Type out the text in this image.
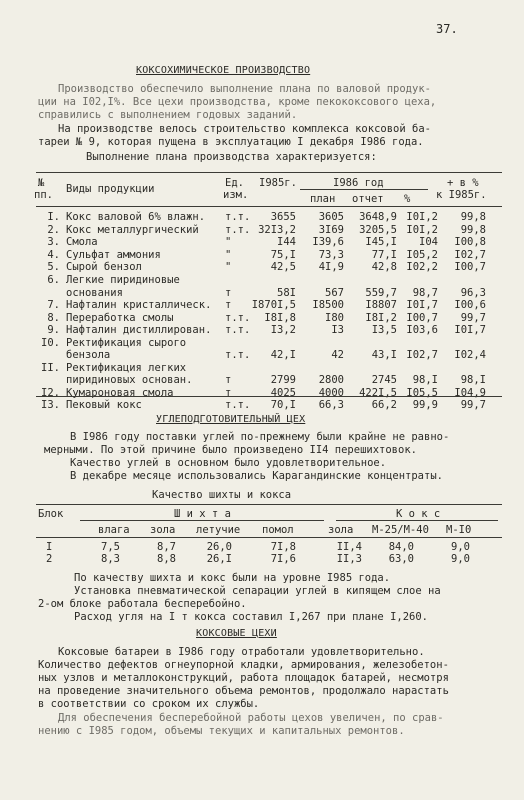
37.
КОКСОХИМИЧЕСКОЕ ПРОИЗВОДСТВО
Производство обеспечило выполнение плана по валовой продук-
ции на I02,I%. Все цехи производства, кроме пекококсового цеха,
справились с выполнением годовых заданий.
На производстве велось строительство комплекса коксовой ба-
тареи № 9, которая пущена в эксплуатацию I декабря I986 года.
Выполнение плана производства характеризуется:
№
пп. Виды продукции	Ед.
изм.
I985г.	I986 год
план отчет %
+ в %
к I985г.
I. Кокс валовой 6% влажн. т.т. 3655 3605 3648,9 I0I,2 99,8
2. Кокс металлургический т.т. 32I3,2 3I69 3205,5 I0I,2 99,8
3. Смола	"	I44 I39,6 I45,I I04 I00,8
4. Сульфат аммония	"	75,I 73,3	77,I I05,2 I02,7
5. Сырой бензол	"	42,5 4I,9	42,8 I02,2 I00,7
6. Легкие пиридиновые
т	58I	567 559,7 98,7 96,3
основания
7. Нафталин кристаллическ. т I870I,5 I8500 I8807 I0I,7 I00,6
8. Переработка смолы	т.т. I8I,8	I80 I8I,2 I00,7 99,7
9. Нафталин дистиллирован. т.т. I3,2	I3	I3,5 I03,6 I0I,7
I0. Ректификация сырого
т.т. 42,I	42	43,I I02,7 I02,4
бензола
II. Ректификация легких
т	2799 2800	2745 98,I 98,I
пиридиновых основан.
I2. Кумароновая смола	т	4025 4000 422I,5 I05,5 I04,9
I3. Пековый кокс	т.т. 70,I 66,3	66,2 99,9 99,7
УГЛЕПОДГОТОВИТЕЛЬНЫЙ ЦЕХ
В I986 году поставки углей по-прежнему были крайне не равно-
мерными. По этой причине было произведено II4 перешихтовок.
Качество углей в основном было удовлетворительное.
В декабре месяце использовались Карагандинские концентраты.
Качество шихты и кокса
Блок	Ш и х т а	К о к с
влага зола летучие помол	зола М-25/М-40 М-I0
I	7,5	8,7	26,0	7I,8	II,4	84,0	9,0
2	8,3	8,8	26,I	7I,6	II,3	63,0	9,0
По качеству шихта и кокс были на уровне I985 года.
Установка пневматической сепарации углей в кипящем слое на
2-ом блоке работала бесперебойно.
Расход угля на I т кокса составил I,267 при плане I,260.
КОКСОВЫЕ ЦЕХИ
Коксовые батареи в I986 году отработали удовлетворительно.
Количество дефектов огнеупорной кладки, армирования, железобетон-
ных узлов и металлоконструкций, работа площадок батарей, несмотря
на проведение значительного объема ремонтов, продолжало нарастать
в соответствии со сроком их службы.
Для обеспечения бесперебойной работы цехов увеличен, по срав-
нению с I985 годом, объемы текущих и капитальных ремонтов.
